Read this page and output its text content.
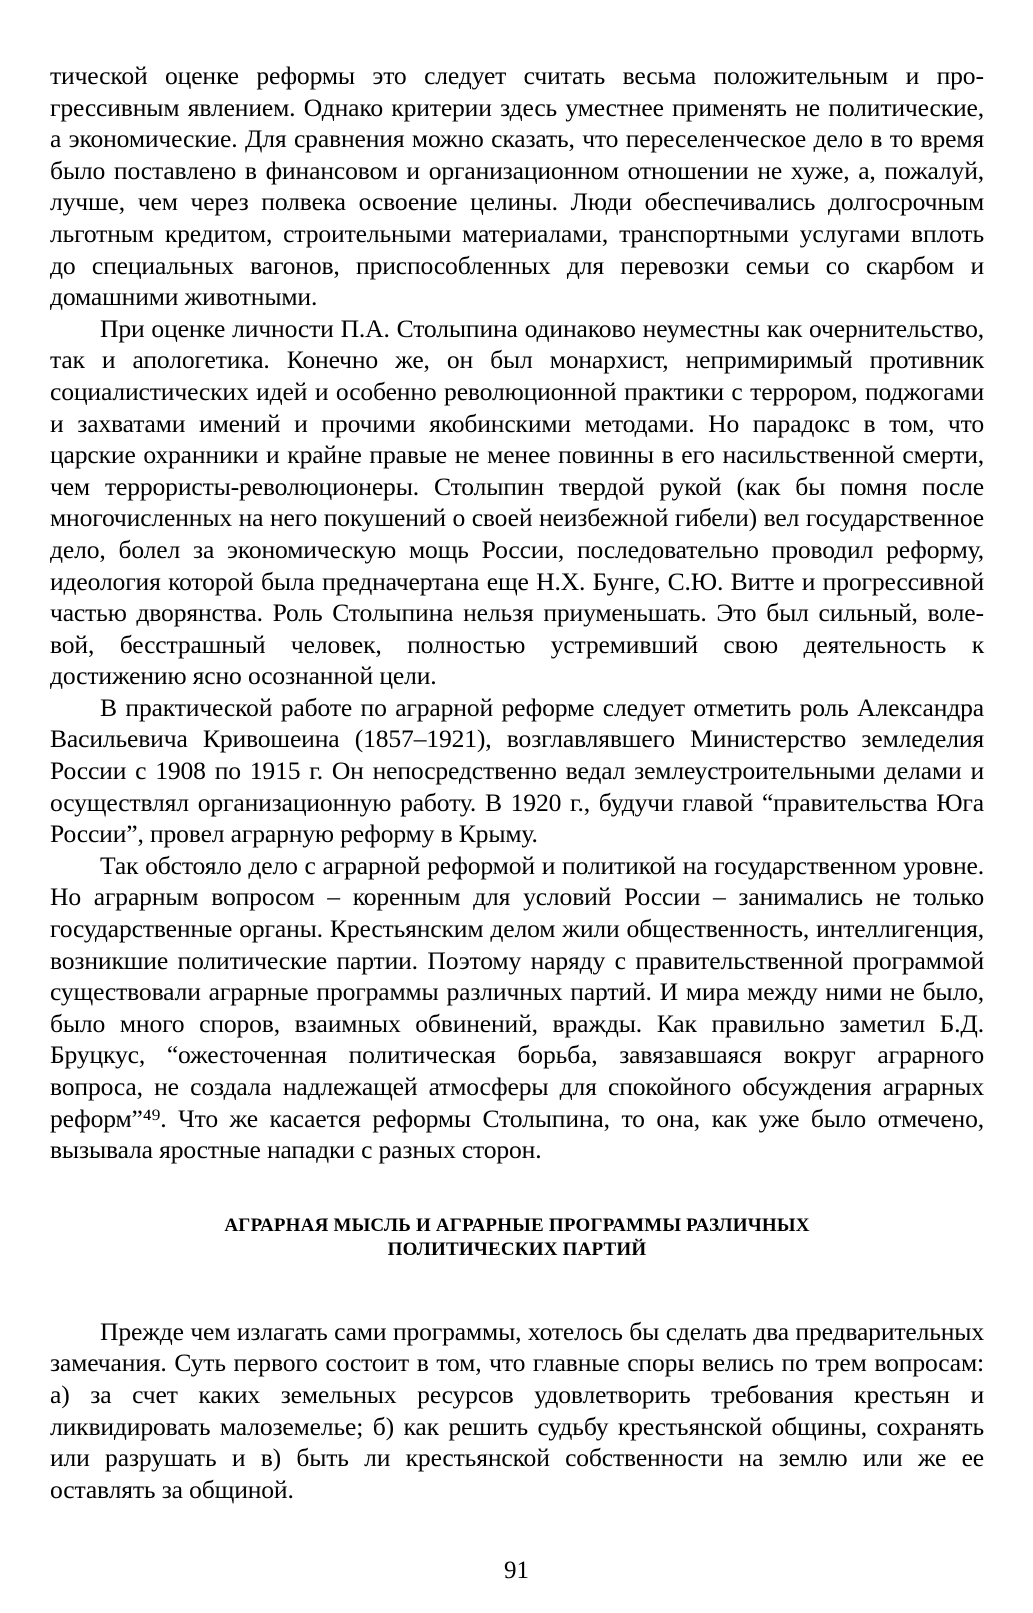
тической оценке реформы это следует считать весьма положительным и прогрессивным явлением. Однако критерии здесь уместнее применять не политические, а экономические. Для сравнения можно сказать, что переселенческое дело в то время было поставлено в финансовом и организационном отношении не хуже, а, пожалуй, лучше, чем через полвека освоение целины. Люди обеспечивались долгосрочным льготным кредитом, строительными материалами, транспортными услугами вплоть до специальных вагонов, приспособленных для перевозки семьи со скарбом и домашними животными.

При оценке личности П.А. Столыпина одинаково неуместны как очернительство, так и апологетика. Конечно же, он был монархист, непримиримый противник социалистических идей и особенно революционной практики с террором, поджогами и захватами имений и прочими якобинскими методами. Но парадокс в том, что царские охранники и крайне правые не менее повинны в его насильственной смерти, чем террористы-революционеры. Столыпин твердой рукой (как бы помня после многочисленных на него покушений о своей неизбежной гибели) вел государственное дело, болел за экономическую мощь России, последовательно проводил реформу, идеология которой была предначертана еще Н.Х. Бунге, С.Ю. Витте и прогрессивной частью дворянства. Роль Столыпина нельзя приуменьшать. Это был сильный, волевой, бесстрашный человек, полностью устремивший свою деятельность к достижению ясно осознанной цели.

В практической работе по аграрной реформе следует отметить роль Александра Васильевича Кривошеина (1857–1921), возглавлявшего Министерство земледелия России с 1908 по 1915 г. Он непосредственно ведал землеустроительными делами и осуществлял организационную работу. В 1920 г., будучи главой “правительства Юга России”, провел аграрную реформу в Крыму.

Так обстояло дело с аграрной реформой и политикой на государственном уровне. Но аграрным вопросом – коренным для условий России – занимались не только государственные органы. Крестьянским делом жили общественность, интеллигенция, возникшие политические партии. Поэтому наряду с правительственной программой существовали аграрные программы различных партий. И мира между ними не было, было много споров, взаимных обвинений, вражды. Как правильно заметил Б.Д. Бруцкус, “ожесточенная политическая борьба, завязавшаяся вокруг аграрного вопроса, не создала надлежащей атмосферы для спокойного обсуждения аграрных реформ”⁴⁹. Что же касается реформы Столыпина, то она, как уже было отмечено, вызывала яростные нападки с разных сторон.

АГРАРНАЯ МЫСЛЬ И АГРАРНЫЕ ПРОГРАММЫ РАЗЛИЧНЫХ
ПОЛИТИЧЕСКИХ ПАРТИЙ

Прежде чем излагать сами программы, хотелось бы сделать два предварительных замечания. Суть первого состоит в том, что главные споры велись по трем вопросам: а) за счет каких земельных ресурсов удовлетворить требования крестьян и ликвидировать малоземелье; б) как решить судьбу крестьянской общины, сохранять или разрушать и в) быть ли крестьянской собственности на землю или же ее оставлять за общиной.

91
